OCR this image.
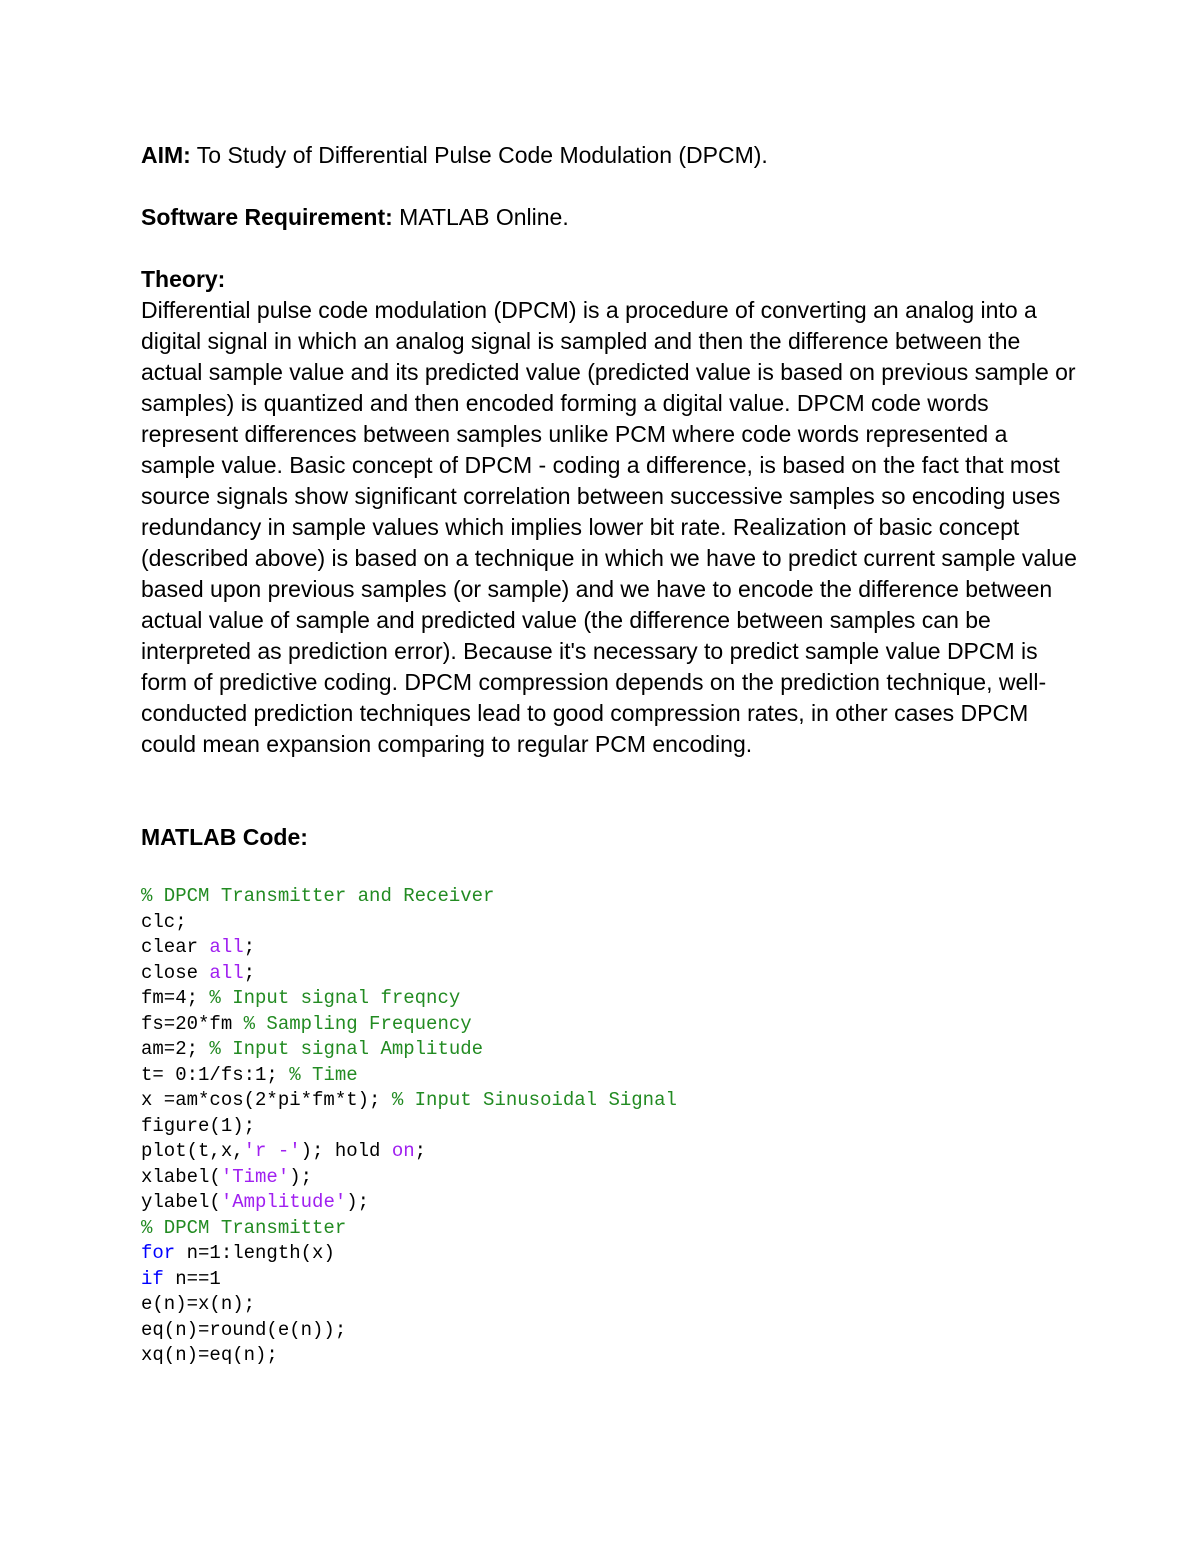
AIM: To Study of Differential Pulse Code Modulation (DPCM).

Software Requirement: MATLAB Online.

Theory:

Differential pulse code modulation (DPCM) is a procedure of converting an analog into a digital signal in which an analog signal is sampled and then the difference between the actual sample value and its predicted value (predicted value is based on previous sample or samples) is quantized and then encoded forming a digital value. DPCM code words represent differences between samples unlike PCM where code words represented a sample value. Basic concept of DPCM - coding a difference, is based on the fact that most source signals show significant correlation between successive samples so encoding uses redundancy in sample values which implies lower bit rate. Realization of basic concept (described above) is based on a technique in which we have to predict current sample value based upon previous samples (or sample) and we have to encode the difference between actual value of sample and predicted value (the difference between samples can be interpreted as prediction error). Because it's necessary to predict sample value DPCM is form of predictive coding. DPCM compression depends on the prediction technique, well-conducted prediction techniques lead to good compression rates, in other cases DPCM could mean expansion comparing to regular PCM encoding.

MATLAB Code:

% DPCM Transmitter and Receiver
clc;
clear all;
close all;
fm=4; % Input signal freqncy
fs=20*fm % Sampling Frequency
am=2; % Input signal Amplitude
t= 0:1/fs:1; % Time
x =am*cos(2*pi*fm*t); % Input Sinusoidal Signal
figure(1);
plot(t,x,'r -'); hold on;
xlabel('Time');
ylabel('Amplitude');
% DPCM Transmitter
for n=1:length(x)
if n==1
e(n)=x(n);
eq(n)=round(e(n));
xq(n)=eq(n);
